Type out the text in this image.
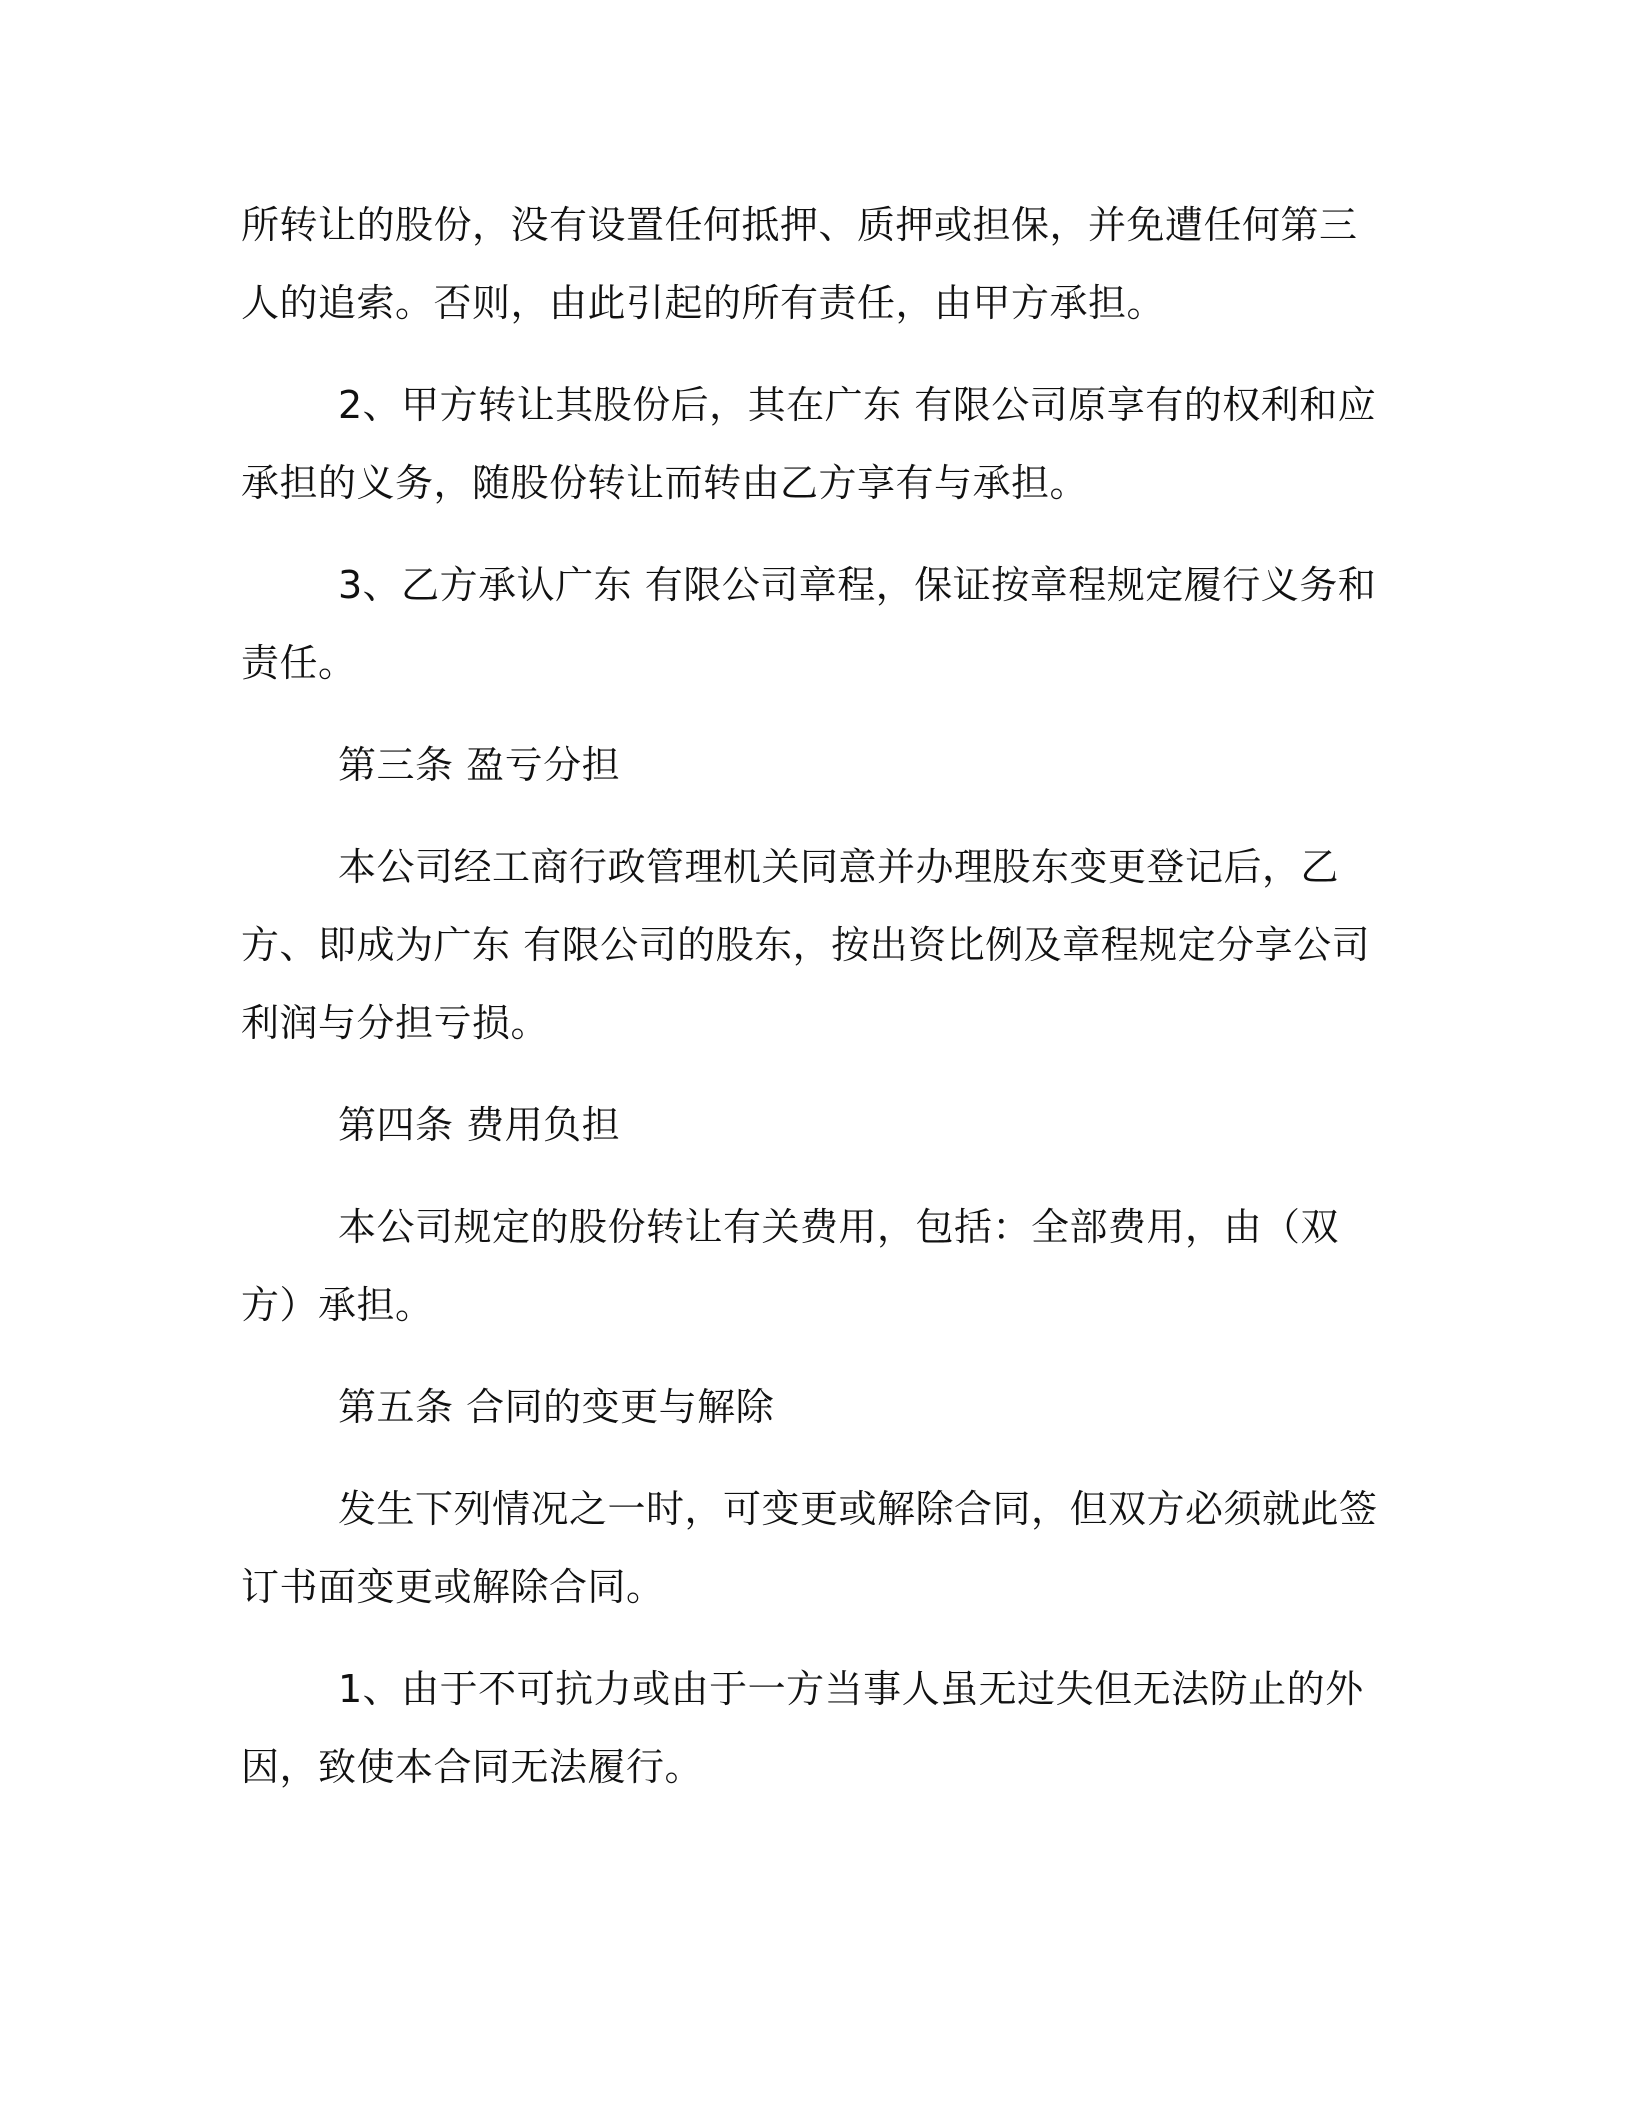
所转让的股份，没有设置任何抵押、质押或担保，并免遭任何第三人的追索。否则，由此引起的所有责任，由甲方承担。

2、甲方转让其股份后，其在广东 有限公司原享有的权利和应承担的义务，随股份转让而转由乙方享有与承担。

3、乙方承认广东 有限公司章程，保证按章程规定履行义务和责任。

第三条 盈亏分担

本公司经工商行政管理机关同意并办理股东变更登记后，乙方、即成为广东 有限公司的股东，按出资比例及章程规定分享公司利润与分担亏损。

第四条 费用负担

本公司规定的股份转让有关费用，包括：全部费用，由（双方）承担。

第五条 合同的变更与解除

发生下列情况之一时，可变更或解除合同，但双方必须就此签订书面变更或解除合同。

1、由于不可抗力或由于一方当事人虽无过失但无法防止的外因，致使本合同无法履行。
